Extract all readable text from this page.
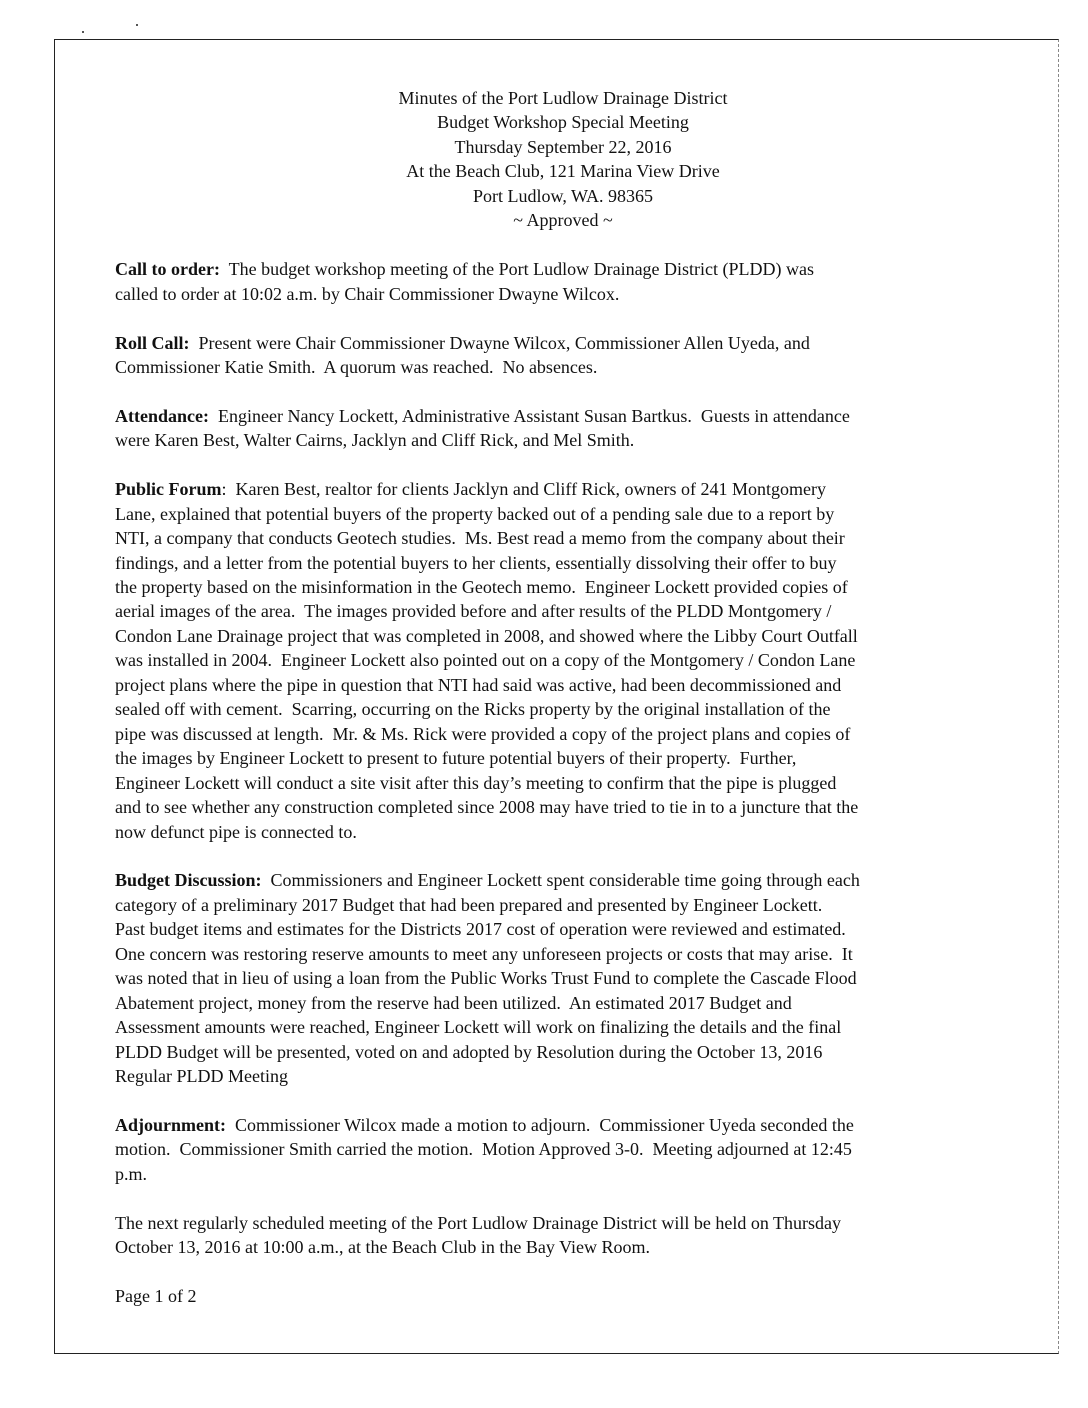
Minutes of the Port Ludlow Drainage District
Budget Workshop Special Meeting
Thursday September 22, 2016
At the Beach Club, 121 Marina View Drive
Port Ludlow, WA. 98365
~ Approved ~
Call to order:  The budget workshop meeting of the Port Ludlow Drainage District (PLDD) was
called to order at 10:02 a.m. by Chair Commissioner Dwayne Wilcox.
Roll Call:  Present were Chair Commissioner Dwayne Wilcox, Commissioner Allen Uyeda, and
Commissioner Katie Smith.  A quorum was reached.  No absences.
Attendance:  Engineer Nancy Lockett, Administrative Assistant Susan Bartkus.  Guests in attendance
were Karen Best, Walter Cairns, Jacklyn and Cliff Rick, and Mel Smith.
Public Forum:  Karen Best, realtor for clients Jacklyn and Cliff Rick, owners of 241 Montgomery
Lane, explained that potential buyers of the property backed out of a pending sale due to a report by
NTI, a company that conducts Geotech studies.  Ms. Best read a memo from the company about their
findings, and a letter from the potential buyers to her clients, essentially dissolving their offer to buy
the property based on the misinformation in the Geotech memo.  Engineer Lockett provided copies of
aerial images of the area.  The images provided before and after results of the PLDD Montgomery /
Condon Lane Drainage project that was completed in 2008, and showed where the Libby Court Outfall
was installed in 2004.  Engineer Lockett also pointed out on a copy of the Montgomery / Condon Lane
project plans where the pipe in question that NTI had said was active, had been decommissioned and
sealed off with cement.  Scarring, occurring on the Ricks property by the original installation of the
pipe was discussed at length.  Mr. & Ms. Rick were provided a copy of the project plans and copies of
the images by Engineer Lockett to present to future potential buyers of their property.  Further,
Engineer Lockett will conduct a site visit after this day’s meeting to confirm that the pipe is plugged
and to see whether any construction completed since 2008 may have tried to tie in to a juncture that the
now defunct pipe is connected to.
Budget Discussion:  Commissioners and Engineer Lockett spent considerable time going through each
category of a preliminary 2017 Budget that had been prepared and presented by Engineer Lockett.
Past budget items and estimates for the Districts 2017 cost of operation were reviewed and estimated.
One concern was restoring reserve amounts to meet any unforeseen projects or costs that may arise.  It
was noted that in lieu of using a loan from the Public Works Trust Fund to complete the Cascade Flood
Abatement project, money from the reserve had been utilized.  An estimated 2017 Budget and
Assessment amounts were reached, Engineer Lockett will work on finalizing the details and the final
PLDD Budget will be presented, voted on and adopted by Resolution during the October 13, 2016
Regular PLDD Meeting
Adjournment:  Commissioner Wilcox made a motion to adjourn.  Commissioner Uyeda seconded the
motion.  Commissioner Smith carried the motion.  Motion Approved 3-0.  Meeting adjourned at 12:45
p.m.
The next regularly scheduled meeting of the Port Ludlow Drainage District will be held on Thursday
October 13, 2016 at 10:00 a.m., at the Beach Club in the Bay View Room.
Page 1 of 2
